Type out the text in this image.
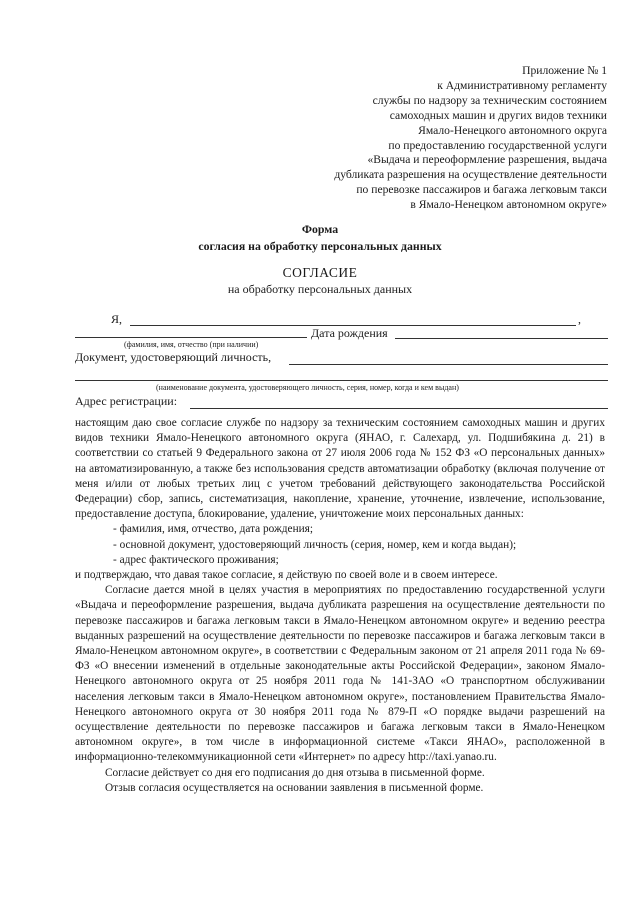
Приложение № 1
к Административному регламенту
службы по надзору за техническим состоянием
самоходных машин и других видов техники
Ямало-Ненецкого автономного округа
по предоставлению государственной услуги
«Выдача и переоформление разрешения, выдача
дубликата разрешения на осуществление деятельности
по перевозке пассажиров и багажа легковым такси
в Ямало-Ненецком автономном округе»
Форма
согласия на обработку персональных данных
СОГЛАСИЕ
на обработку персональных данных
Я,	,
Дата рождения
(фамилия, имя, отчество (при наличии)
Документ, удостоверяющий личность,
(наименование документа, удостоверяющего личность, серия, номер, когда и кем выдан)
Адрес регистрации:

настоящим даю свое согласие службе по надзору за техническим состоянием самоходных машин и других видов техники Ямало-Ненецкого автономного округа (ЯНАО, г. Салехард, ул. Подшибякина д. 21) в соответствии со статьей 9 Федерального закона от 27 июля 2006 года № 152 ФЗ «О персональных данных» на автоматизированную, а также без использования средств автоматизации обработку (включая получение от меня и/или от любых третьих лиц с учетом требований действующего законодательства Российской Федерации) сбор, запись, систематизация, накопление, хранение, уточнение, извлечение, использование, предоставление доступа, блокирование, удаление, уничтожение моих персональных данных:

- фамилия, имя, отчество, дата рождения;

- основной документ, удостоверяющий личность (серия, номер, кем и когда выдан);

- адрес фактического проживания;

и подтверждаю, что давая такое согласие, я действую по своей воле и в своем интересе.

Согласие дается мной в целях участия в мероприятиях по предоставлению государственной услуги «Выдача и переоформление разрешения, выдача дубликата разрешения на осуществление деятельности по перевозке пассажиров и багажа легковым такси в Ямало-Ненецком автономном округе» и ведению реестра выданных разрешений на осуществление деятельности по перевозке пассажиров и багажа легковым такси в Ямало-Ненецком автономном округе», в соответствии с Федеральным законом от 21 апреля 2011 года № 69-ФЗ «О внесении изменений в отдельные законодательные акты Российской Федерации», законом Ямало-Ненецкого автономного округа от 25 ноября 2011 года № 141-ЗАО «О транспортном обслуживании населения легковым такси в Ямало-Ненецком автономном округе», постановлением Правительства Ямало-Ненецкого автономного округа от 30 ноября 2011 года № 879-П «О порядке выдачи разрешений на осуществление деятельности по перевозке пассажиров и багажа легковым такси в Ямало-Ненецком автономном округе», в том числе в информационной системе «Такси ЯНАО», расположенной в информационно-телекоммуникационной сети «Интернет» по адресу http://taxi.yanao.ru.

Согласие действует со дня его подписания до дня отзыва в письменной форме.

Отзыв согласия осуществляется на основании заявления в письменной форме.
